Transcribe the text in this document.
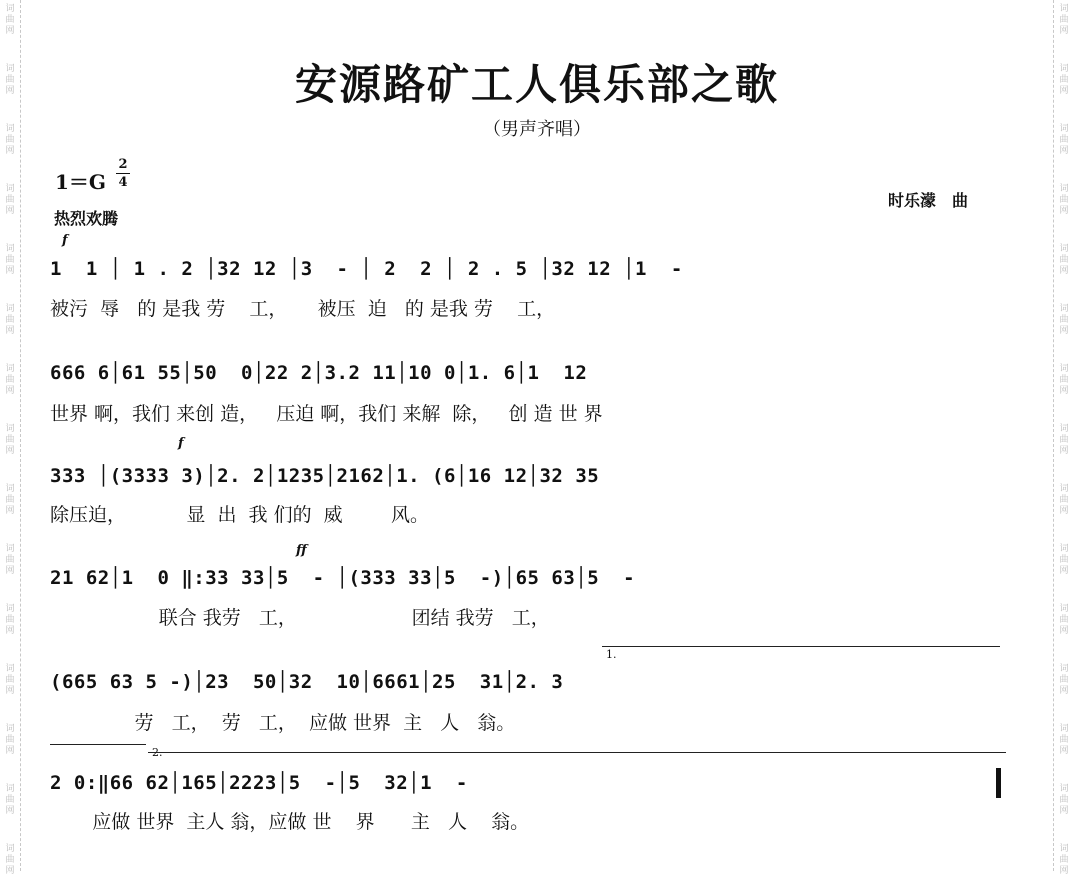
词
曲
网
词
曲
网
词
曲
网
词
曲
网
词
曲
网
词
曲
网
词
曲
网
词
曲
网
词
曲
网
词
曲
网
词
曲
网
词
曲
网
词
曲
网
词
曲
网
词
曲
网
词
曲
网
词
曲
网
词
曲
网
词
曲
网
词
曲
网
词
曲
网
词
曲
网
词
曲
网
词
曲
网
词
曲
网
词
曲
网
词
曲
网
词
曲
网
词
曲
网
词
曲
网
安源路矿工人俱乐部之歌
（男声齐唱）
1＝G
2
4
热烈欢腾
时乐濛　曲
f
f
ff
1  1 │ 1 . 2 │32 12 │3  - │ 2  2 │ 2 . 5 │32 12 │1  -
被污  辱   的 是我 劳    工，     被压  迫   的 是我 劳    工，
666 6│61 55│50  0│22 2│3.2 11│10 0│1. 6│1  12
世界 啊，我们 来创 造，   压迫 啊，我们 来解  除，   创 造 世 界
333 │(3333 3)│2. 2│1235│2162│1. (6│16 12│32 35
除压迫，          显  出  我 们的  威        风。
21 62│1  0 ‖:33 33│5  - │(333 33│5  -)│65 63│5  -
联合 我劳   工，                   团结 我劳   工，
1.
(665 63 5 -)│23  50│32  10│6661│25  31│2. 3
劳   工，  劳   工，  应做 世界  主   人   翁。
2.
2 0:‖66 62│165│2223│5  -│5  32│1  -
应做 世界  主人 翁，应做 世    界      主   人    翁。
